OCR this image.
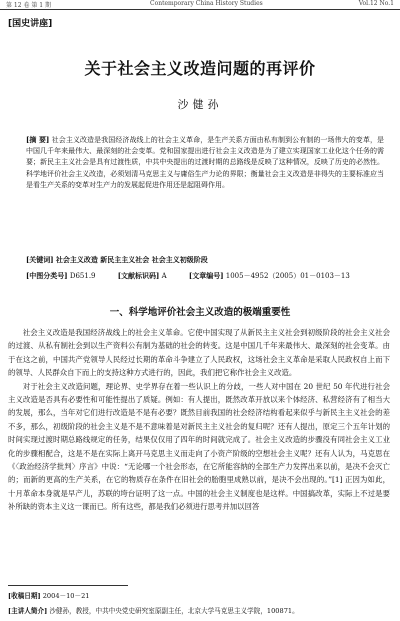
第 12 卷 第 1 期	Contemporary China History Studies	Vol.12 No.1
[国史讲座]
关于社会主义改造问题的再评价
沙健孙
[摘 要] 社会主义改造是我国经济战线上的社会主义革命，是生产关系方面由私有制到公有制的一场伟大的变革，是中国几千年来最伟大、最深刻的社会变革。党和国家提出进行社会主义改造是为了建立实现国家工业化这个任务的需要；新民主主义社会是具有过渡性质，中共中央提出的过渡时期的总路线是反映了这种情况，反映了历史的必然性。科学地评价社会主义改造，必须划清马克思主义与庸俗生产力论的界限；衡量社会主义改造是非得失的主要标准应当是看生产关系的变革对生产力的发展起促进作用还是起阻碍作用。
[关键词] 社会主义改造 新民主主义社会 社会主义初级阶段
[中图分类号] D651.9	[文献标识码] A	[文章编号] 1005－4952（2005）01－0103－13
一、科学地评价社会主义改造的极端重要性

社会主义改造是我国经济战线上的社会主义革命。它使中国实现了从新民主主义社会到初级阶段的社会主义社会的过渡、从私有制社会到以生产资料公有制为基础的社会的转变。这是中国几千年来最伟大、最深刻的社会变革。由于在这之前，中国共产党领导人民经过长期的革命斗争建立了人民政权，这场社会主义革命是采取人民政权自上而下的领导、人民群众自下而上的支持这种方式进行的，因此，我们把它称作社会主义改造。

对于社会主义改造问题，理论界、史学界存在着一些认识上的分歧，一些人对中国在 20 世纪 50 年代进行社会主义改造是否具有必要性和可能性提出了质疑。例如：有人提出，既然改革开放以来个体经济、私营经济有了相当大的发展，那么，当年对它们进行改造是不是有必要？既然目前我国的社会经济结构看起来似乎与新民主主义社会的差不多，那么，初级阶段的社会主义是不是不意味着是对新民主主义社会的复归呢？还有人提出，原定三个五年计划的时间实现过渡时期总路线规定的任务，结果仅仅用了四年的时间就完成了。社会主义改造的步骤没有同社会主义工业化的步骤相配合，这是不是在实际上离开马克思主义而走向了小资产阶级的空想社会主义呢？还有人认为，马克思在《〈政治经济学批判〉序言》中说：“无论哪一个社会形态，在它所能容纳的全部生产力发挥出来以前，是决不会灭亡的；而新的更高的生产关系，在它的物质存在条件在旧社会的胎胞里成熟以前，是决不会出现的。”[1] 正因为如此，十月革命本身就是早产儿，苏联的垮台证明了这一点。中国的社会主义制度也是这样。中国搞改革，实际上不过是要补所缺的资本主义这一课而已。所有这些，都是我们必须进行思考并加以回答

[收稿日期] 2004－10－21
[主讲人简介] 沙健孙，教授，中共中央党史研究室原副主任，北京大学马克思主义学院，100871。
